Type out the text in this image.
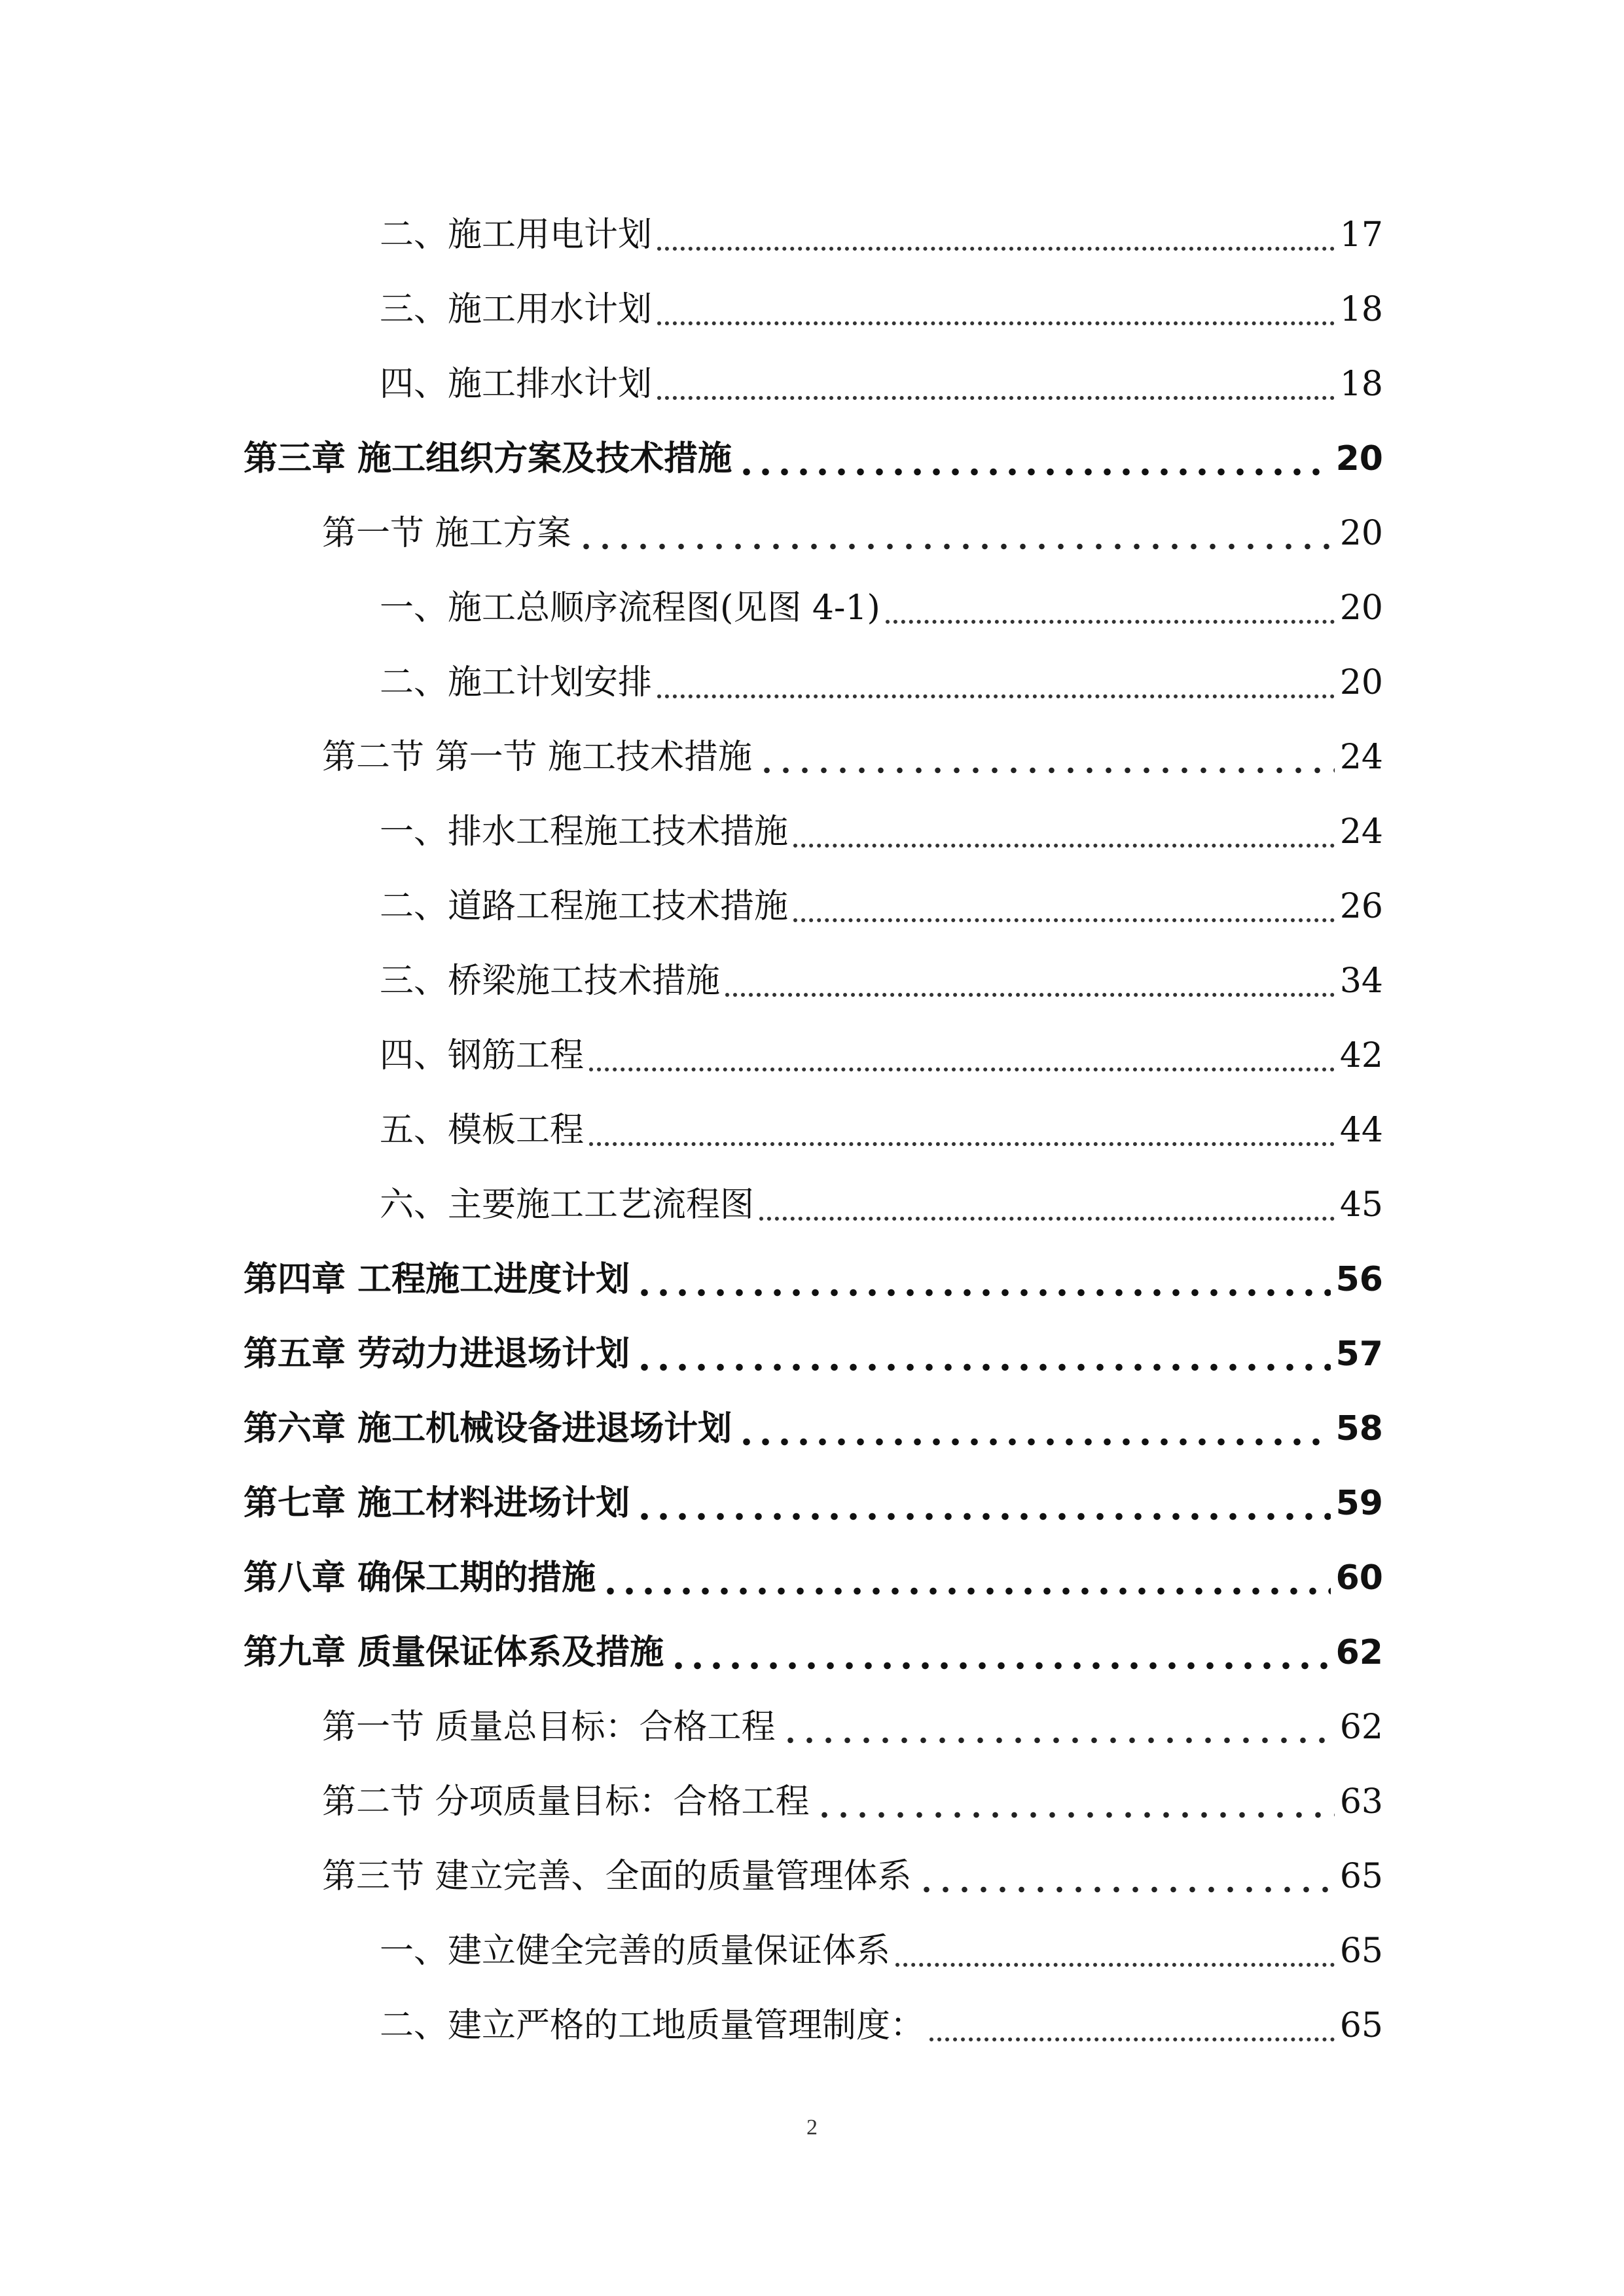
二、施工用电计划	17
三、施工用水计划	18
四、施工排水计划	18
第三章 施工组织方案及技术措施	20
第一节 施工方案	20
一、施工总顺序流程图(见图 4-1)	20
二、施工计划安排	20
第二节 第一节 施工技术措施	24
一、排水工程施工技术措施	24
二、道路工程施工技术措施	26
三、桥梁施工技术措施	34
四、钢筋工程	42
五、模板工程	44
六、主要施工工艺流程图	45
第四章 工程施工进度计划	56
第五章 劳动力进退场计划	57
第六章 施工机械设备进退场计划	58
第七章 施工材料进场计划	59
第八章 确保工期的措施	60
第九章 质量保证体系及措施	62
第一节 质量总目标：合格工程	62
第二节 分项质量目标：合格工程	63
第三节 建立完善、全面的质量管理体系	65
一、建立健全完善的质量保证体系	65
二、建立严格的工地质量管理制度：	65
2
